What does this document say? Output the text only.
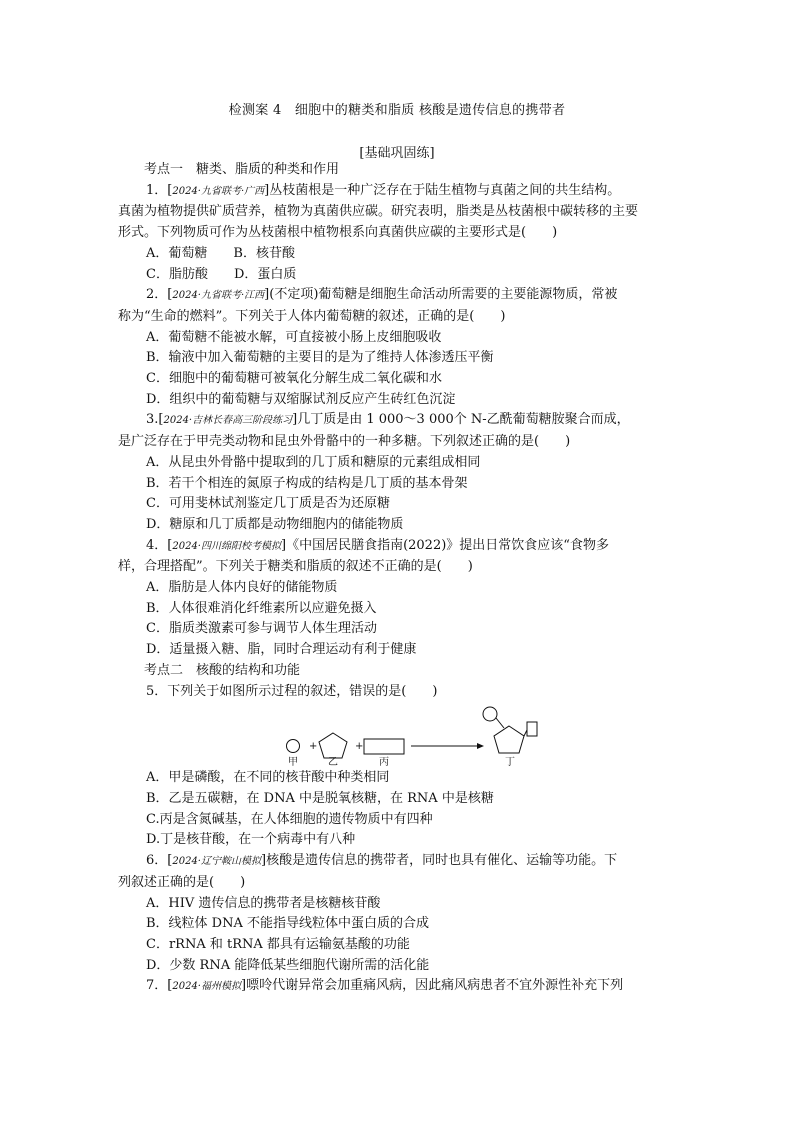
检测案 4　细胞中的糖类和脂质 核酸是遗传信息的携带者
[基础巩固练]
考点一　糖类、脂质的种类和作用
1．[2024·九省联考·广西]丛枝菌根是一种广泛存在于陆生植物与真菌之间的共生结构。
真菌为植物提供矿质营养，植物为真菌供应碳。研究表明，脂类是丛枝菌根中碳转移的主要
形式。下列物质可作为丛枝菌根中植物根系向真菌供应碳的主要形式是(　　)
A．葡萄糖　　B．核苷酸
C．脂肪酸　　D．蛋白质
2．[2024·九省联考·江西](不定项)葡萄糖是细胞生命活动所需要的主要能源物质，常被
称为“生命的燃料”。下列关于人体内葡萄糖的叙述，正确的是(　　)
A．葡萄糖不能被水解，可直接被小肠上皮细胞吸收
B．输液中加入葡萄糖的主要目的是为了维持人体渗透压平衡
C．细胞中的葡萄糖可被氧化分解生成二氧化碳和水
D．组织中的葡萄糖与双缩脲试剂反应产生砖红色沉淀
3.[2024·吉林长春高三阶段练习]几丁质是由 1 000～3 000个 N-乙酰葡萄糖胺聚合而成，
是广泛存在于甲壳类动物和昆虫外骨骼中的一种多糖。下列叙述正确的是(　　)
A．从昆虫外骨骼中提取到的几丁质和糖原的元素组成相同
B．若干个相连的氮原子构成的结构是几丁质的基本骨架
C．可用斐林试剂鉴定几丁质是否为还原糖
D．糖原和几丁质都是动物细胞内的储能物质
4．[2024·四川绵阳校考模拟]《中国居民膳食指南(2022)》提出日常饮食应该“食物多
样，合理搭配”。下列关于糖类和脂质的叙述不正确的是(　　)
A．脂肪是人体内良好的储能物质
B．人体很难消化纤维素所以应避免摄入
C．脂质类激素可参与调节人体生理活动
D．适量摄入糖、脂，同时合理运动有利于健康
考点二　核酸的结构和功能
5．下列关于如图所示过程的叙述，错误的是(　　)
+	+
甲	乙	丙	丁
A．甲是磷酸，在不同的核苷酸中种类相同
B．乙是五碳糖，在 DNA 中是脱氧核糖，在 RNA 中是核糖
C.丙是含氮碱基，在人体细胞的遗传物质中有四种
D.丁是核苷酸，在一个病毒中有八种
6．[2024·辽宁鞍山模拟]核酸是遗传信息的携带者，同时也具有催化、运输等功能。下
列叙述正确的是(　　)
A．HIV 遗传信息的携带者是核糖核苷酸
B．线粒体 DNA 不能指导线粒体中蛋白质的合成
C．rRNA 和 tRNA 都具有运输氨基酸的功能
D．少数 RNA 能降低某些细胞代谢所需的活化能
7．[2024·福州模拟]嘌呤代谢异常会加重痛风病，因此痛风病患者不宜外源性补充下列
